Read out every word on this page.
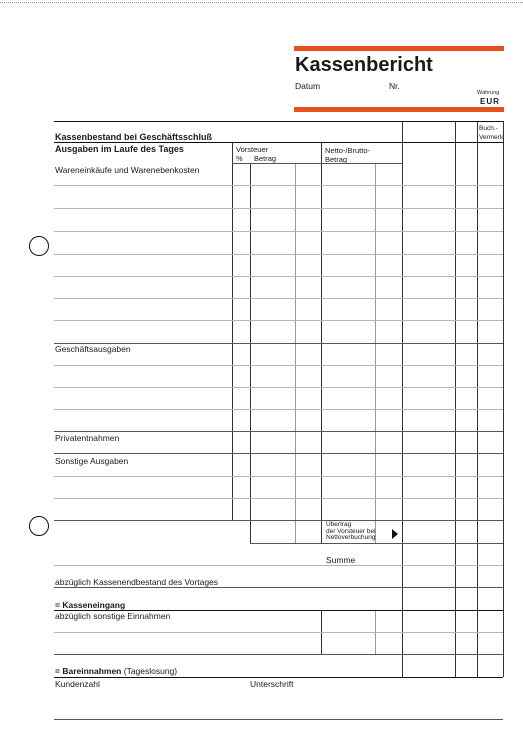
Kassenbericht
Datum	Nr.
Währung
EUR
Buch.-
Vermerk
Vorsteuer
% Betrag
Netto-/Brutto-
Betrag
Kassenbestand bei Geschäftsschluß
Ausgaben im Laufe des Tages
Wareneinkäufe und Warenebenkosten
Geschäftsausgaben
Privatentnahmen
Sonstige Ausgaben
Übertrag
der Vorsteuer bei
Nettoverbuchung
Summe
abzüglich Kassenendbestand des Vortages
= Kasseneingang
abzüglich sonstige Einnahmen
= Bareinnahmen (Tageslosung)
Kundenzahl	Unterschrift
